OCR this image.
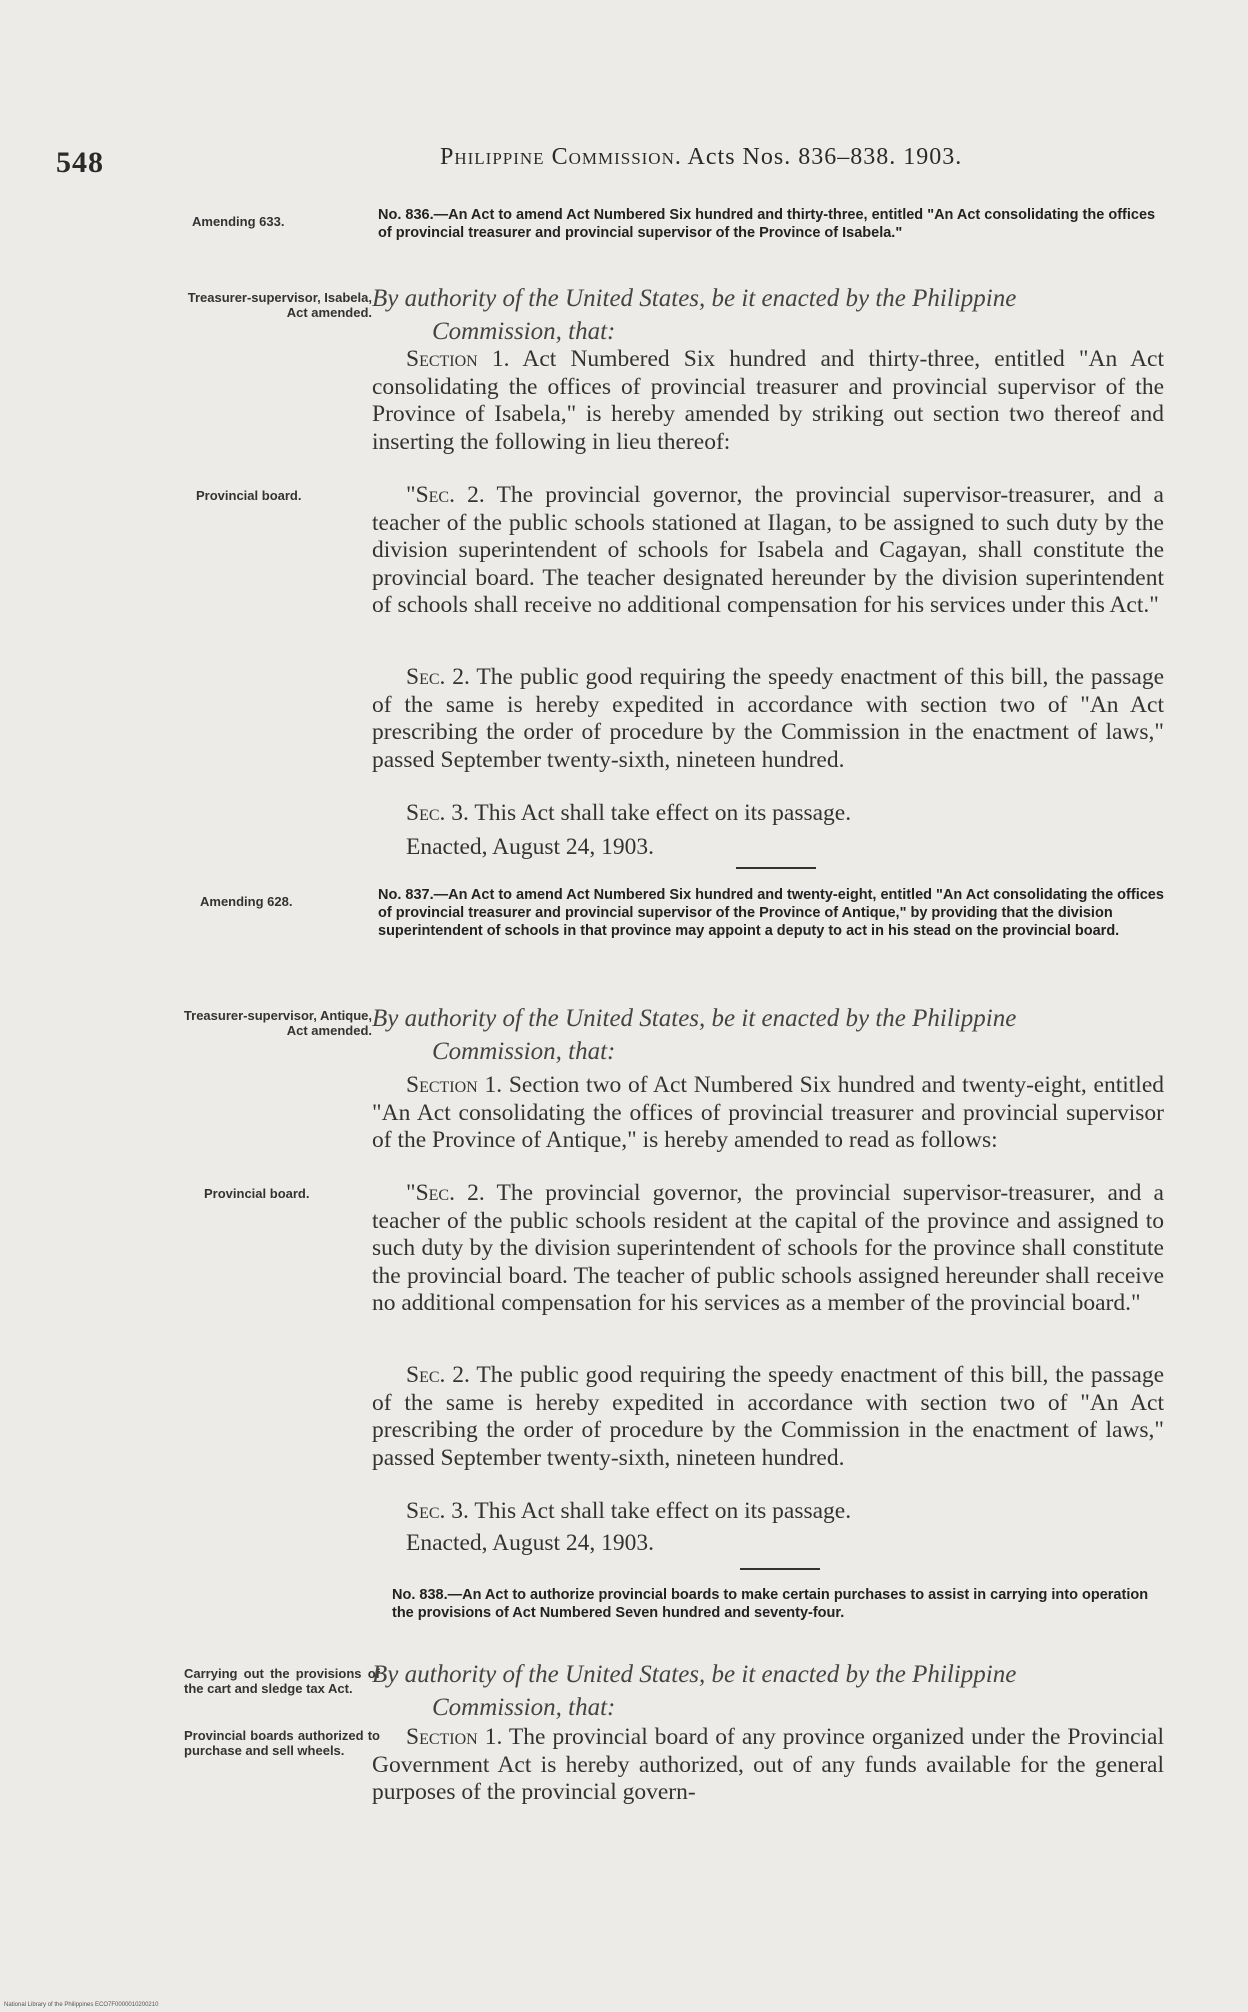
548	Philippine Commission. Acts Nos. 836–838. 1903.
Amending 633.	No. 836.—An Act to amend Act Numbered Six hundred and thirty-three, entitled "An Act consolidating the offices of provincial treasurer and provincial supervisor of the Province of Isabela."
Treasurer-supervisor, Isabela, Act amended.
By authority of the United States, be it enacted by the Philippine
Commission, that:

Section 1. Act Numbered Six hundred and thirty-three, entitled "An Act consolidating the offices of provincial treasurer and provincial supervisor of the Province of Isabela," is hereby amended by striking out section two thereof and inserting the following in lieu thereof:

Provincial board.	"Sec. 2. The provincial governor, the provincial supervisor-treasurer, and a teacher of the public schools stationed at Ilagan, to be assigned to such duty by the division superintendent of schools for Isabela and Cagayan, shall constitute the provincial board. The teacher designated hereunder by the division superintendent of schools shall receive no additional compensation for his services under this Act."

Sec. 2. The public good requiring the speedy enactment of this bill, the passage of the same is hereby expedited in accordance with section two of "An Act prescribing the order of procedure by the Commission in the enactment of laws," passed September twenty-sixth, nineteen hundred.

Sec. 3. This Act shall take effect on its passage.

Enacted, August 24, 1903.

Amending 628.	No. 837.—An Act to amend Act Numbered Six hundred and twenty-eight, entitled "An Act consolidating the offices of provincial treasurer and provincial supervisor of the Province of Antique," by providing that the division superintendent of schools in that province may appoint a deputy to act in his stead on the provincial board.
Treasurer-supervisor, Antique, Act amended. By authority of the United States, be it enacted by the Philippine
Commission, that:

Section 1. Section two of Act Numbered Six hundred and twenty-eight, entitled "An Act consolidating the offices of provincial treasurer and provincial supervisor of the Province of Antique," is hereby amended to read as follows:

Provincial board.	"Sec. 2. The provincial governor, the provincial supervisor-treasurer, and a teacher of the public schools resident at the capital of the province and assigned to such duty by the division superintendent of schools for the province shall constitute the provincial board. The teacher of public schools assigned hereunder shall receive no additional compensation for his services as a member of the provincial board."

Sec. 2. The public good requiring the speedy enactment of this bill, the passage of the same is hereby expedited in accordance with section two of "An Act prescribing the order of procedure by the Commission in the enactment of laws," passed September twenty-sixth, nineteen hundred.

Sec. 3. This Act shall take effect on its passage.

Enacted, August 24, 1903.

No. 838.—An Act to authorize provincial boards to make certain purchases to assist in carrying into operation the provisions of Act Numbered Seven hundred and seventy-four.
Carrying out the provisions of the cart and sledge tax Act.
By authority of the United States, be it enacted by the Philippine
Commission, that:
Provincial boards authorized to purchase and sell wheels.

Section 1. The provincial board of any province organized under the Provincial Government Act is hereby authorized, out of any funds available for the general purposes of the provincial govern-

National Library of the Philippines ECO7F0000010200210
